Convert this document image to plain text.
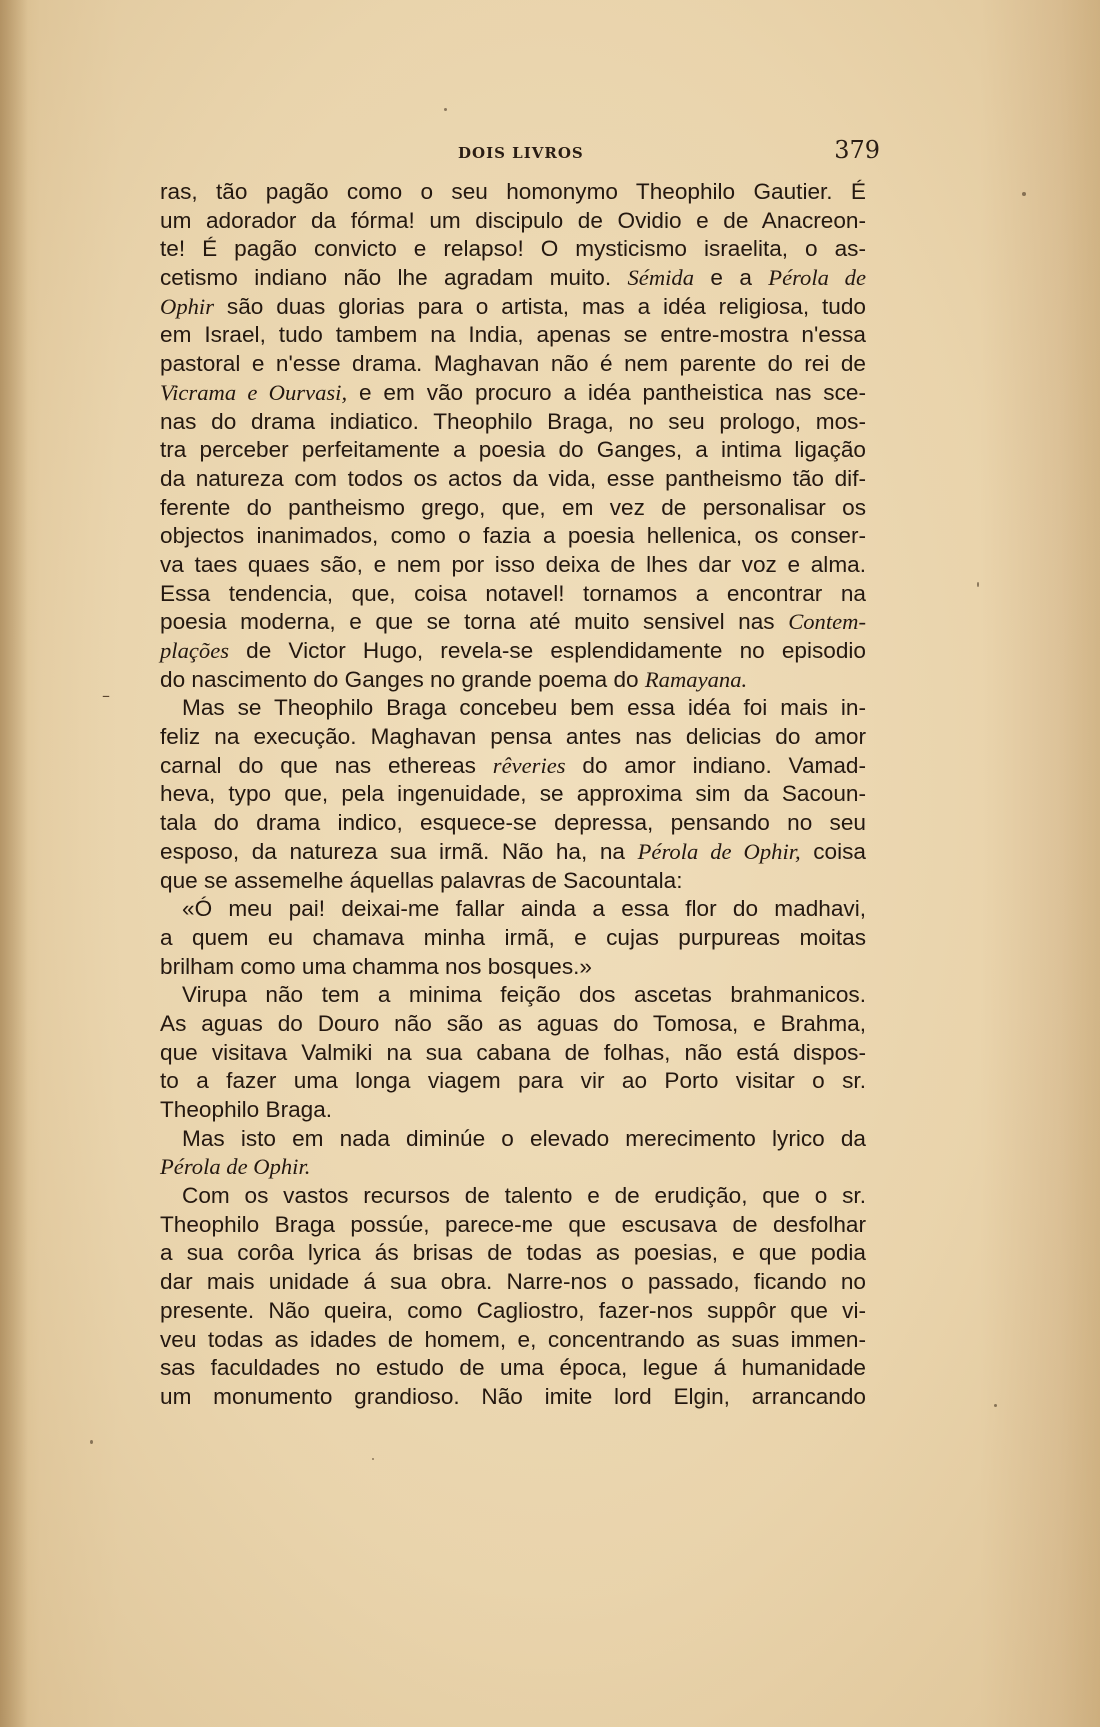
DOIS LIVROS	379
ras, tão pagão como o seu homonymo Theophilo Gautier. É
um adorador da fórma! um discipulo de Ovidio e de Anacreon-
te! É pagão convicto e relapso! O mysticismo israelita, o as-
cetismo indiano não lhe agradam muito. Sémida e a Pérola de
Ophir são duas glorias para o artista, mas a idéa religiosa, tudo
em Israel, tudo tambem na India, apenas se entre-mostra n'essa
pastoral e n'esse drama. Maghavan não é nem parente do rei de
Vicrama e Ourvasi, e em vão procuro a idéa pantheistica nas sce-
nas do drama indiatico. Theophilo Braga, no seu prologo, mos-
tra perceber perfeitamente a poesia do Ganges, a intima ligação
da natureza com todos os actos da vida, esse pantheismo tão dif-
ferente do pantheismo grego, que, em vez de personalisar os
objectos inanimados, como o fazia a poesia hellenica, os conser-
va taes quaes são, e nem por isso deixa de lhes dar voz e alma.
Essa tendencia, que, coisa notavel! tornamos a encontrar na
poesia moderna, e que se torna até muito sensivel nas Contem-
plações de Victor Hugo, revela-se esplendidamente no episodio
do nascimento do Ganges no grande poema do Ramayana.
Mas se Theophilo Braga concebeu bem essa idéa foi mais in-
feliz na execução. Maghavan pensa antes nas delicias do amor
carnal do que nas ethereas rêveries do amor indiano. Vamad-
heva, typo que, pela ingenuidade, se approxima sim da Sacoun-
tala do drama indico, esquece-se depressa, pensando no seu
esposo, da natureza sua irmã. Não ha, na Pérola de Ophir, coisa
que se assemelhe áquellas palavras de Sacountala:
«Ó meu pai! deixai-me fallar ainda a essa flor do madhavi,
a quem eu chamava minha irmã, e cujas purpureas moitas
brilham como uma chamma nos bosques.»
Virupa não tem a minima feição dos ascetas brahmanicos.
As aguas do Douro não são as aguas do Tomosa, e Brahma,
que visitava Valmiki na sua cabana de folhas, não está dispos-
to a fazer uma longa viagem para vir ao Porto visitar o sr.
Theophilo Braga.
Mas isto em nada diminúe o elevado merecimento lyrico da
Pérola de Ophir.
Com os vastos recursos de talento e de erudição, que o sr.
Theophilo Braga possúe, parece-me que escusava de desfolhar
a sua corôa lyrica ás brisas de todas as poesias, e que podia
dar mais unidade á sua obra. Narre-nos o passado, ficando no
presente. Não queira, como Cagliostro, fazer-nos suppôr que vi-
veu todas as idades de homem, e, concentrando as suas immen-
sas faculdades no estudo de uma época, legue á humanidade
um monumento grandioso. Não imite lord Elgin, arrancando
–
